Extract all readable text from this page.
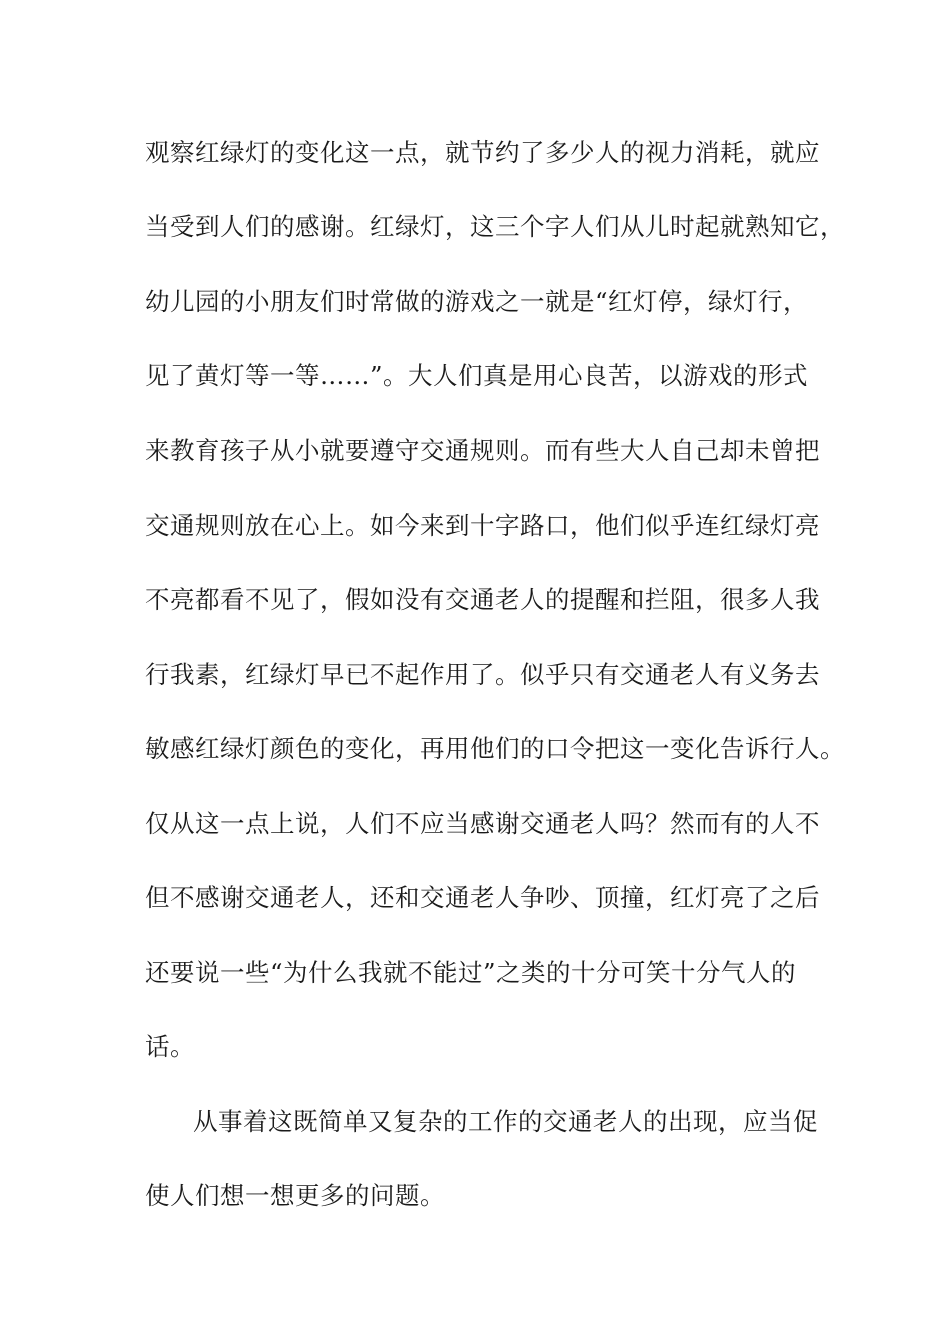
观察红绿灯的变化这一点，就节约了多少人的视力消耗，就应
当受到人们的感谢。红绿灯，这三个字人们从儿时起就熟知它，
幼儿园的小朋友们时常做的游戏之一就是“红灯停，绿灯行，
见了黄灯等一等……”。大人们真是用心良苦，以游戏的形式
来教育孩子从小就要遵守交通规则。而有些大人自己却未曾把
交通规则放在心上。如今来到十字路口，他们似乎连红绿灯亮
不亮都看不见了，假如没有交通老人的提醒和拦阻，很多人我
行我素，红绿灯早已不起作用了。似乎只有交通老人有义务去
敏感红绿灯颜色的变化，再用他们的口令把这一变化告诉行人。
仅从这一点上说，人们不应当感谢交通老人吗？然而有的人不
但不感谢交通老人，还和交通老人争吵、顶撞，红灯亮了之后
还要说一些“为什么我就不能过”之类的十分可笑十分气人的
话。
从事着这既简单又复杂的工作的交通老人的出现，应当促
使人们想一想更多的问题。
